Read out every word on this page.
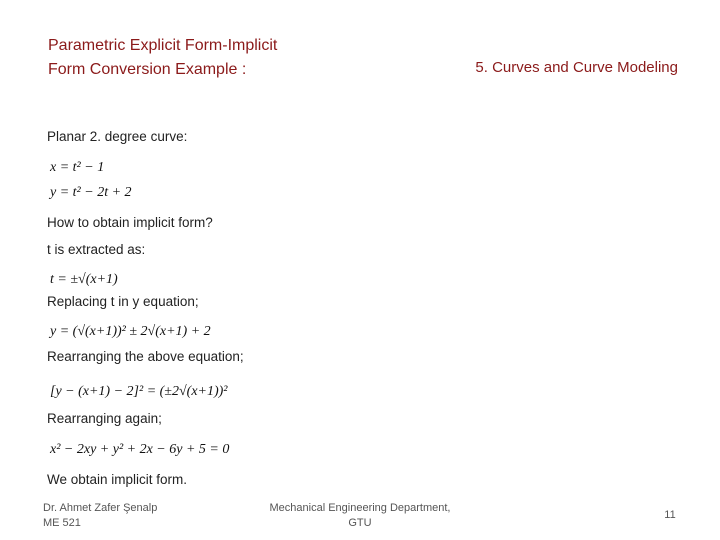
Parametric Explicit Form-Implicit Form Conversion Example :	5. Curves and Curve Modeling
Planar 2. degree curve:
x = t² − 1
y = t² − 2t + 2
How to obtain implicit form?
t is extracted as:
t = ±√(x+1)
Replacing t in y equation;
y = (√(x+1))² ± 2√(x+1) + 2
Rearranging the above equation;
[y − (x+1) − 2]² = (±2√(x+1))²
Rearranging again;
x² − 2xy + y² + 2x − 6y + 5 = 0
We obtain implicit form.
Dr. Ahmet Zafer Şenalp
ME 521
Mechanical Engineering Department,
GTU
11
